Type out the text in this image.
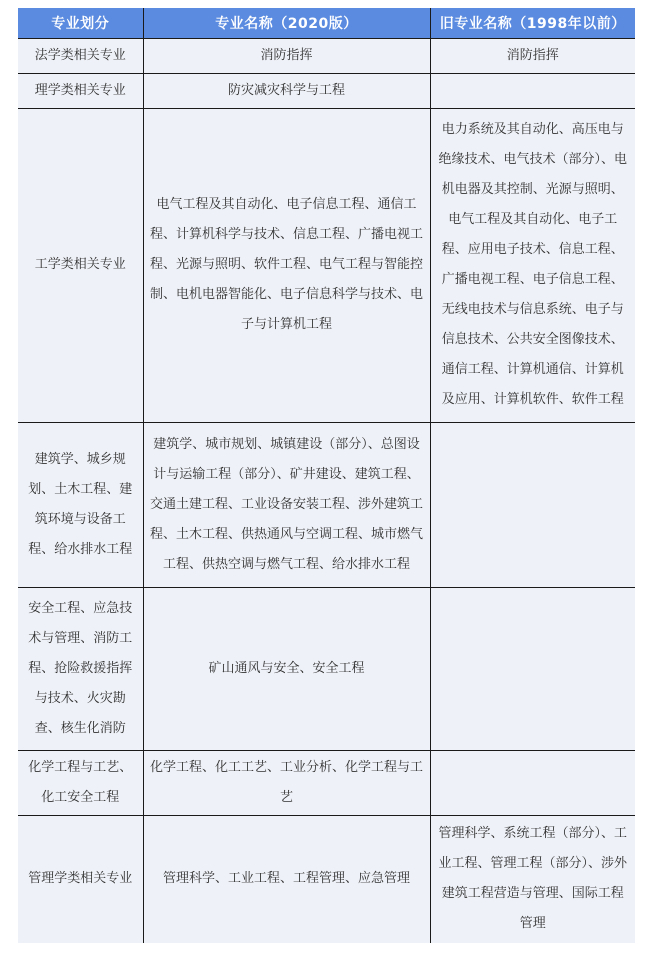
专业划分	专业名称（2020版）	旧专业名称（1998年以前）
法学类相关专业	消防指挥	消防指挥
理学类相关专业	防灾减灾科学与工程	
工学类相关专业	电气工程及其自动化、电子信息工程、通信工程、计算机科学与技术、信息工程、广播电视工程、光源与照明、软件工程、电气工程与智能控制、电机电器智能化、电子信息科学与技术、电子与计算机工程	电力系统及其自动化、高压电与绝缘技术、电气技术（部分）、电机电器及其控制、光源与照明、电气工程及其自动化、电子工程、应用电子技术、信息工程、广播电视工程、电子信息工程、无线电技术与信息系统、电子与信息技术、公共安全图像技术、通信工程、计算机通信、计算机及应用、计算机软件、软件工程
建筑学、城乡规划、土木工程、建筑环境与设备工程、给水排水工程	建筑学、城市规划、城镇建设（部分）、总图设计与运输工程（部分）、矿井建设、建筑工程、交通土建工程、工业设备安装工程、涉外建筑工程、土木工程、供热通风与空调工程、城市燃气工程、供热空调与燃气工程、给水排水工程	
安全工程、应急技术与管理、消防工程、抢险救援指挥与技术、火灾勘查、核生化消防	矿山通风与安全、安全工程	
化学工程与工艺、化工安全工程	化学工程、化工工艺、工业分析、化学工程与工艺	
管理学类相关专业	管理科学、工业工程、工程管理、应急管理	管理科学、系统工程（部分）、工业工程、管理工程（部分）、涉外建筑工程营造与管理、国际工程管理
